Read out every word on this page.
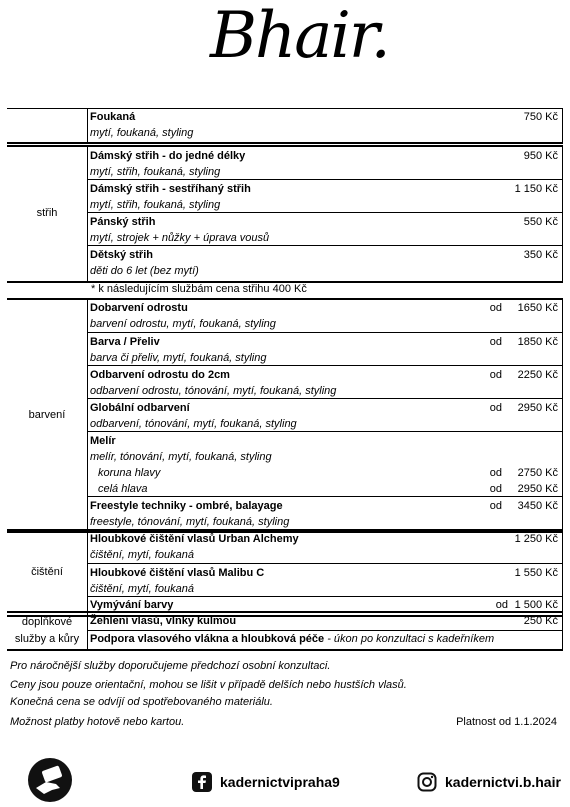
Bhair.
Foukaná	750 Kč
mytí, foukaná, styling
střih
Dámský střih - do jedné délky	950 Kč
mytí, střih, foukaná, styling
Dámský střih - sestříhaný střih	1 150 Kč
mytí, střih, foukaná, styling
Pánský střih	550 Kč
mytí, strojek + nůžky + úprava vousů
Dětský střih	350 Kč
děti do 6 let (bez mytí)
* k následujícím službám cena střihu 400 Kč
barvení
Dobarvení odrostu	od 1650 Kč
barvení odrostu, mytí, foukaná, styling
Barva / Přeliv	od 1850 Kč
barva či přeliv, mytí, foukaná, styling
Odbarvení odrostu do 2cm	od 2250 Kč
odbarvení odrostu, tónování, mytí, foukaná, styling
Globální odbarvení	od 2950 Kč
odbarvení, tónování, mytí, foukaná, styling
Melír
melír, tónování, mytí, foukaná, styling
koruna hlavy	od 2750 Kč
celá hlava	od 2950 Kč
Freestyle techniky - ombré, balayage	od 3450 Kč
freestyle, tónování, mytí, foukaná, styling
čištění
Hloubkové čištění vlasů Urban Alchemy	1 250 Kč
čištění, mytí, foukaná
Hloubkové čištění vlasů Malibu C	1 550 Kč
čištění, mytí, foukaná
Vymývání barvy	od 1 500 Kč
doplňkové
služby a kůry
Žehlení vlasů, vlnky kulmou	250 Kč
Podpora vlasového vlákna a hloubková péče - úkon po konzultaci s kadeřníkem
Pro náročnější služby doporučujeme předchozí osobní konzultaci.
Ceny jsou pouze orientační, mohou se lišit v případě delších nebo hustších vlasů.
Konečná cena se odvíjí od spotřebovaného materiálu.
Možnost platby hotově nebo kartou.	Platnost od 1.1.2024
kadernictvipraha9	kadernictvi.b.hair
